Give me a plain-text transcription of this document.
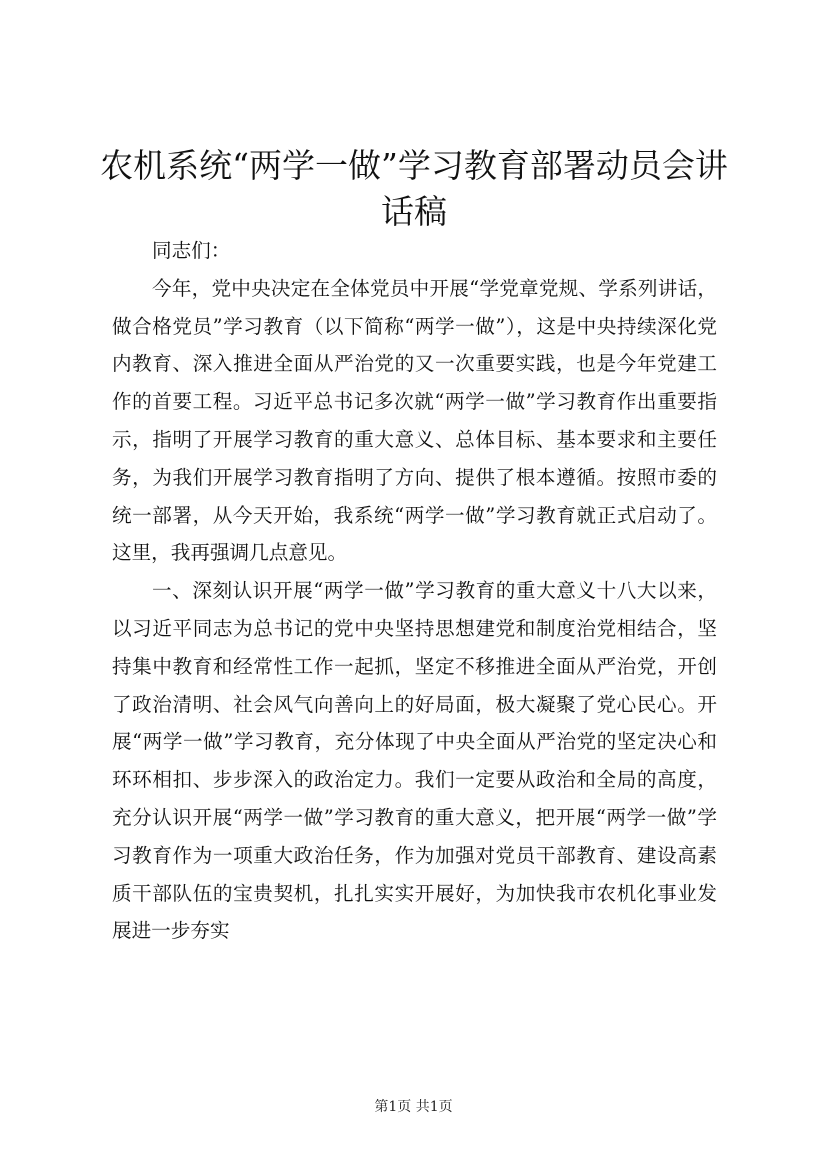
农机系统“两学一做”学习教育部署动员会讲话稿

同志们：

今年，党中央决定在全体党员中开展“学党章党规、学系列讲话，做合格党员”学习教育（以下简称“两学一做”），这是中央持续深化党内教育、深入推进全面从严治党的又一次重要实践，也是今年党建工作的首要工程。习近平总书记多次就“两学一做”学习教育作出重要指示，指明了开展学习教育的重大意义、总体目标、基本要求和主要任务，为我们开展学习教育指明了方向、提供了根本遵循。按照市委的统一部署，从今天开始，我系统“两学一做”学习教育就正式启动了。这里，我再强调几点意见。

一、深刻认识开展“两学一做”学习教育的重大意义十八大以来，以习近平同志为总书记的党中央坚持思想建党和制度治党相结合，坚持集中教育和经常性工作一起抓，坚定不移推进全面从严治党，开创了政治清明、社会风气向善向上的好局面，极大凝聚了党心民心。开展“两学一做”学习教育，充分体现了中央全面从严治党的坚定决心和环环相扣、步步深入的政治定力。我们一定要从政治和全局的高度，充分认识开展“两学一做”学习教育的重大意义，把开展“两学一做”学习教育作为一项重大政治任务，作为加强对党员干部教育、建设高素质干部队伍的宝贵契机，扎扎实实开展好，为加快我市农机化事业发展进一步夯实

第1页 共1页
